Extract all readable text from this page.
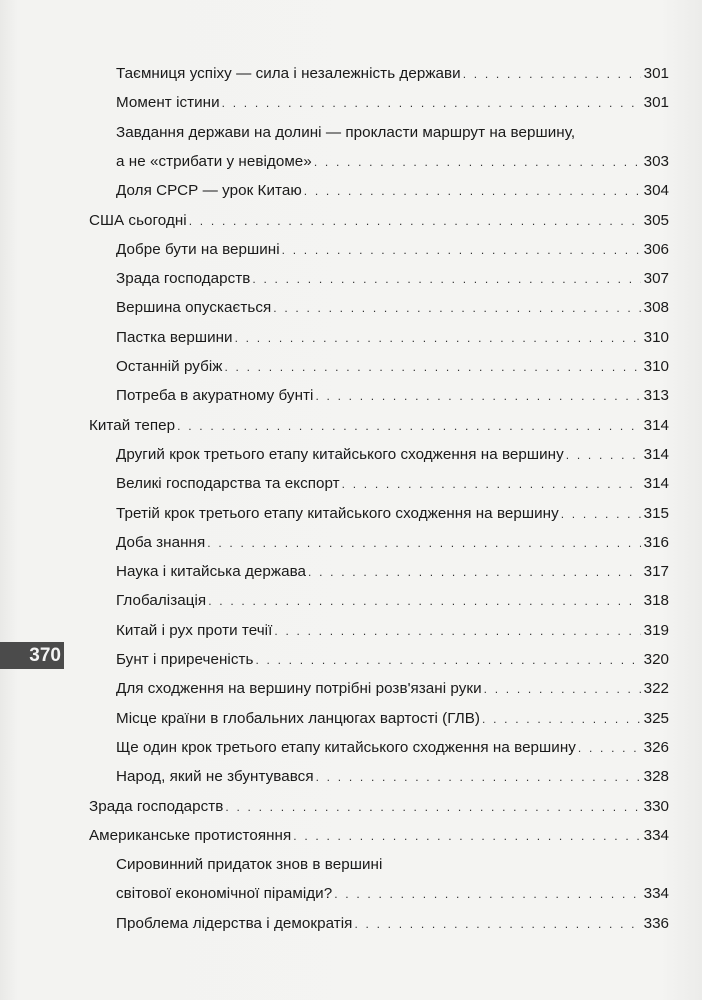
Таємниця успіху — сила і незалежність держави . . .	301
Момент істини . . .	301
Завдання держави на долині — прокласти маршрут на вершину,
а не «стрибати у невідоме» . . .	303
Доля СРСР — урок Китаю . . .	304
США сьогодні . . .	305
Добре бути на вершині . . .	306
Зрада господарств . . .	307
Вершина опускається . . .	308
Пастка вершини . . .	310
Останній рубіж . . .	310
Потреба в акуратному бунті . . .	313
Китай тепер . . .	314
Другий крок третього етапу китайського сходження на вершину . . .	314
Великі господарства та експорт . . .	314
Третій крок третього етапу китайського сходження на вершину . . .	315
Доба знання . . .	316
Наука і китайська держава . . .	317
Глобалізація . . .	318
Китай і рух проти течії . . .	319
Бунт і приреченість . . .	320
Для сходження на вершину потрібні розв'язані руки . . .	322
Місце країни в глобальних ланцюгах вартості (ГЛВ) . . .	325
Ще один крок третього етапу китайського сходження на вершину . . .	326
Народ, який не збунтувався . . .	328
Зрада господарств . . .	330
Американське протистояння . . .	334
Сировинний придаток знов в вершині
світової економічної піраміди? . . .	334
Проблема лідерства і демократія . . .	336
370
